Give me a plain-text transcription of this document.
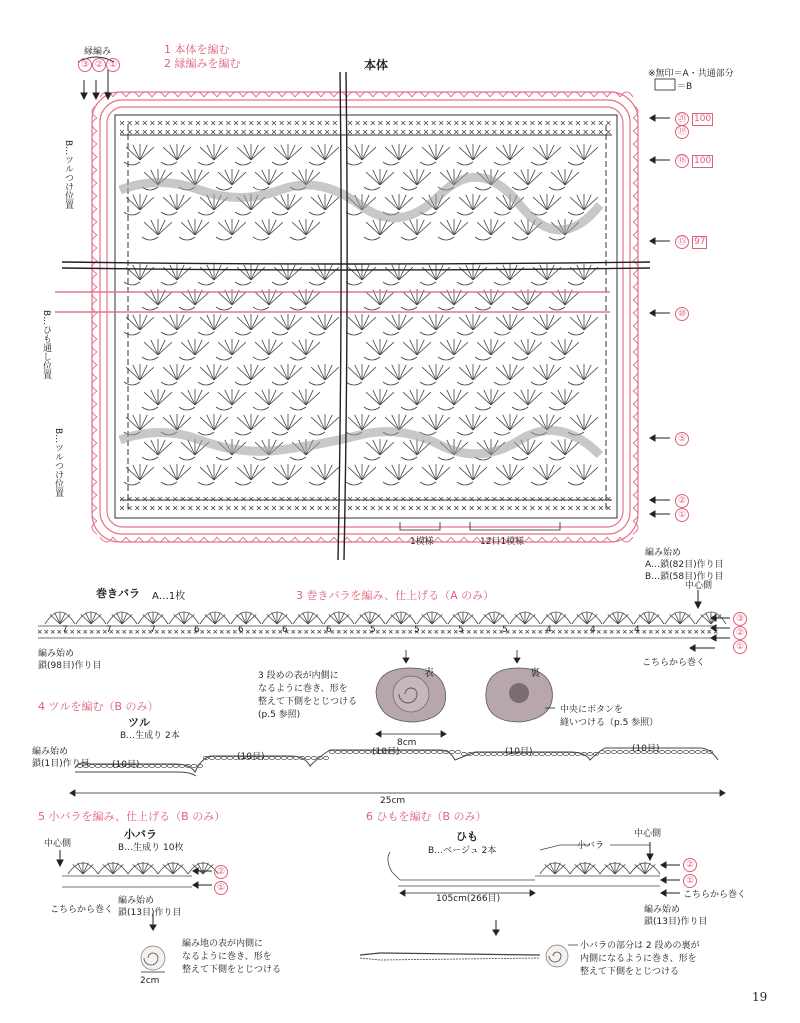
1 本体を編む
2 縁編みを編む	本体
縁編み
③ ② ①
※無印＝A・共通部分
＝B
B…ツルつけ位置
B…ひも通し位置
B…ツルつけ位置
⑳ 100
⑲
⑱ 100
⑮ 97
⑩
⑤
②
①
1模様	12目1模様
編み始め
A…鎖(82目)作り目
B…鎖(58目)作り目
巻きバラ A…1枚	3 巻きバラを編み、仕上げる（A のみ）
中心側
③
②
①
7	7	7	6	6	6	6	5	5	5	5	4	4	4
編み始め
鎖(98目)作り目	こちらから巻く
3 段めの表が内側に
なるように巻き、形を
整えて下側をとじつける
(p.5 参照)
表	裏
8cm
中央にボタンを
縫いつける（p.5 参照）
4 ツルを編む（B のみ）
ツル
B…生成り 2本
編み始め
鎖(1目)作り目 (10目)
(10目)	(10目)	(10目)	(10目)
25cm
5 小バラを編み、仕上げる（B のみ）
小バラ
B…生成り 10枚
中心側
②
①
編み始め
鎖(13目)作り目
こちらから巻く
編み地の表が内側に
なるように巻き、形を
整えて下側をとじつける
2cm
6 ひもを編む（B のみ）
ひも
B…ベージュ 2本	小バラ
中心側
②
①
こちらから巻く
105cm(266目)
編み始め
鎖(13目)作り目
小バラの部分は 2 段めの裏が
内側になるように巻き、形を
整えて下側をとじつける
19
